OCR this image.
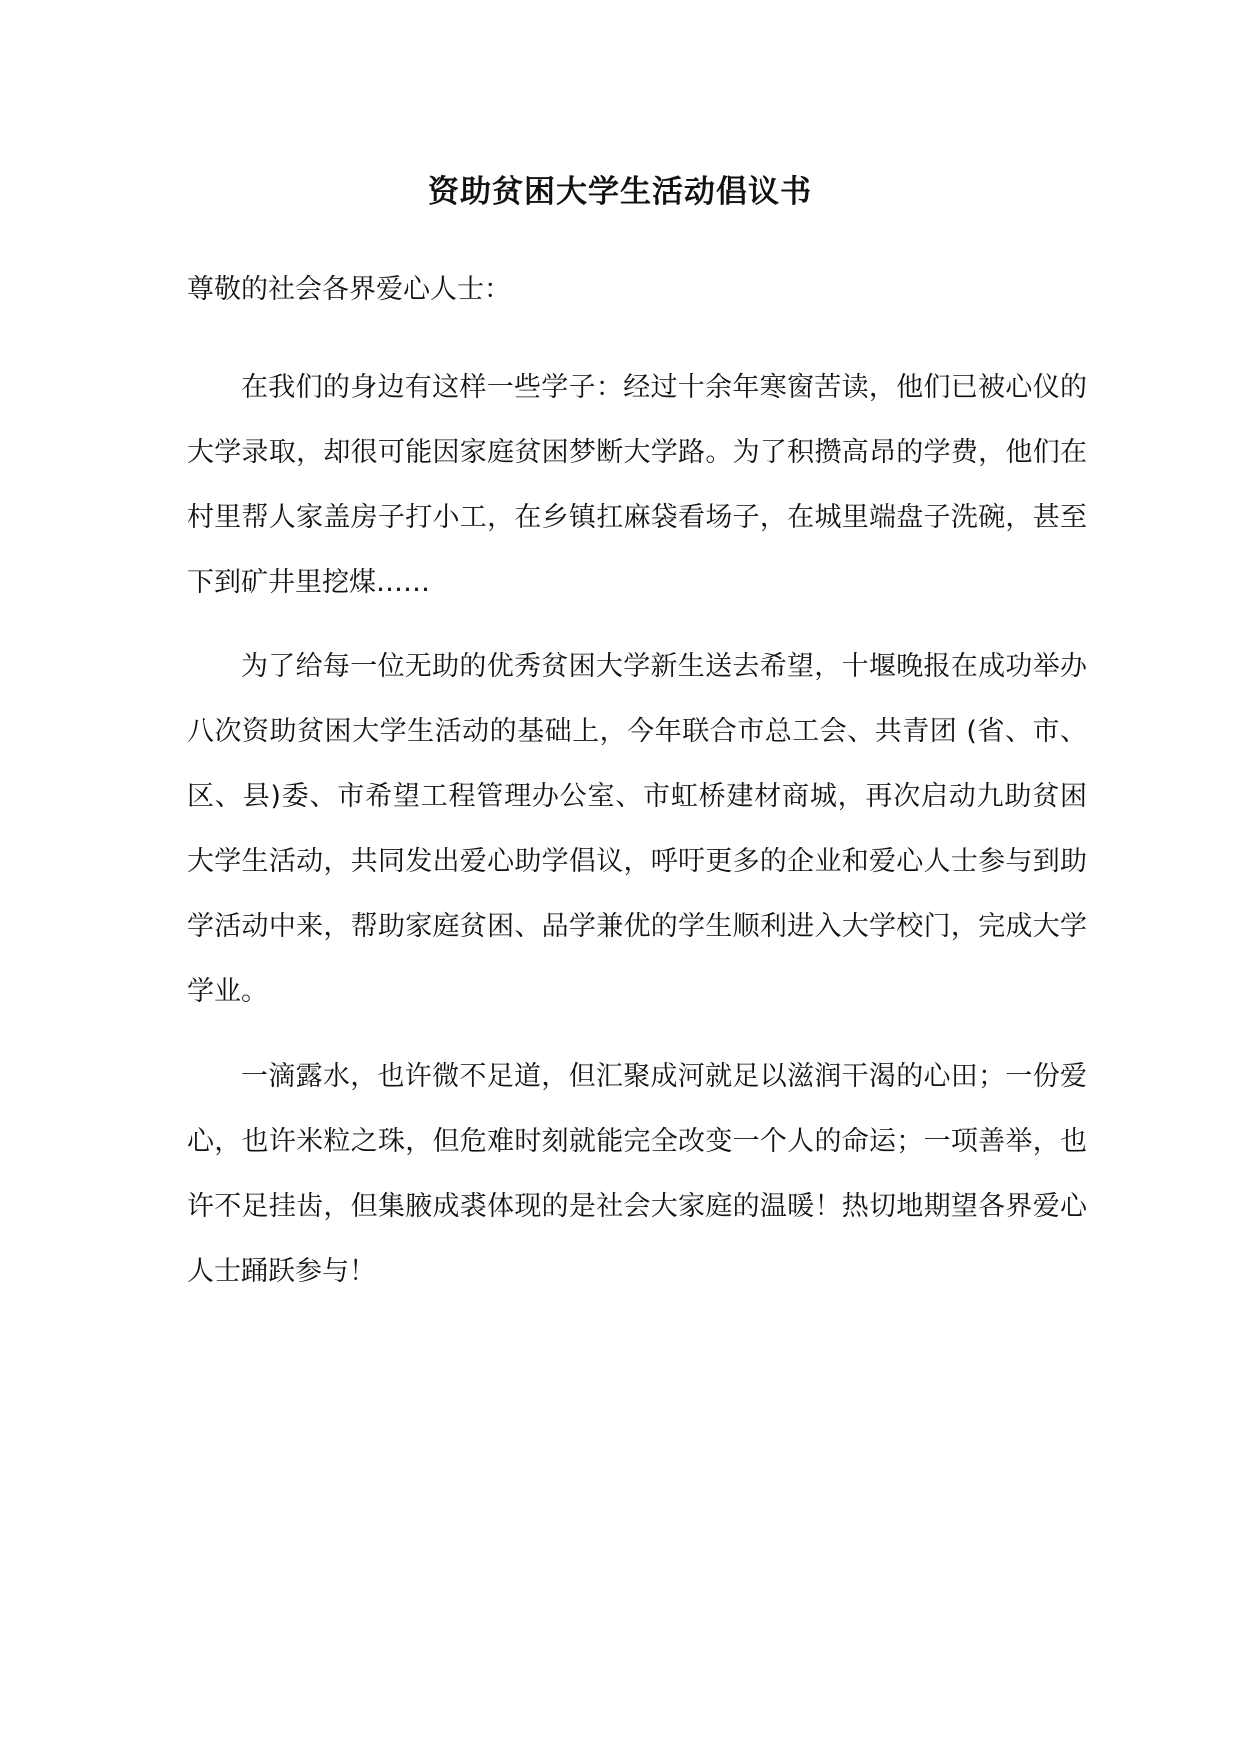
资助贫困大学生活动倡议书
尊敬的社会各界爱心人士：

在我们的身边有这样一些学子：经过十余年寒窗苦读，他们已被心仪的大学录取，却很可能因家庭贫困梦断大学路。为了积攒高昂的学费，他们在村里帮人家盖房子打小工，在乡镇扛麻袋看场子，在城里端盘子洗碗，甚至下到矿井里挖煤……

为了给每一位无助的优秀贫困大学新生送去希望，十堰晚报在成功举办八次资助贫困大学生活动的基础上，今年联合市总工会、共青团 (省、市、区、县)委、市希望工程管理办公室、市虹桥建材商城，再次启动九助贫困大学生活动，共同发出爱心助学倡议，呼吁更多的企业和爱心人士参与到助学活动中来，帮助家庭贫困、品学兼优的学生顺利进入大学校门，完成大学学业。

一滴露水，也许微不足道，但汇聚成河就足以滋润干渴的心田；一份爱心，也许米粒之珠，但危难时刻就能完全改变一个人的命运；一项善举，也许不足挂齿，但集腋成裘体现的是社会大家庭的温暖！热切地期望各界爱心人士踊跃参与！
